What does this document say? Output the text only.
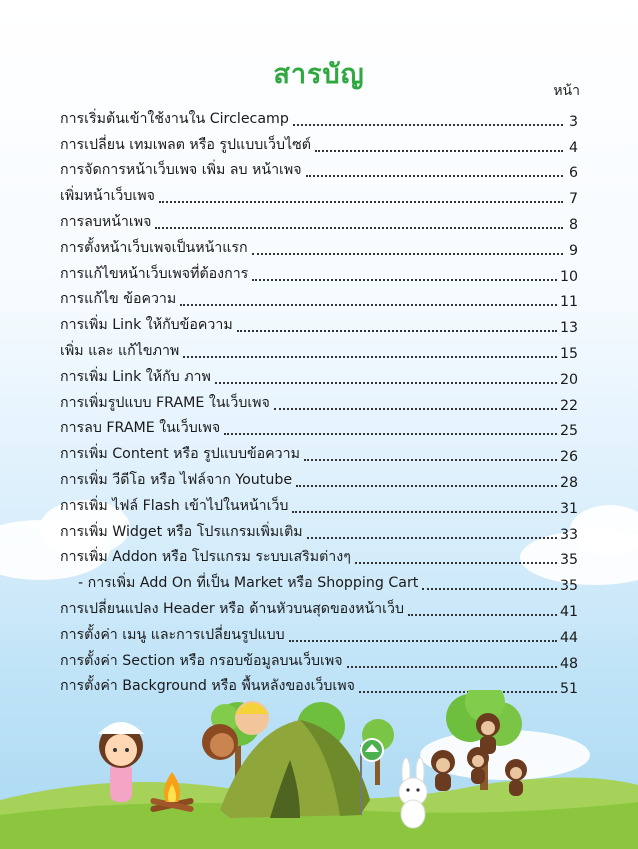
สารบัญ
หน้า
การเริ่มต้นเข้าใช้งานใน Circlecamp	3
การเปลี่ยน เทมเพลต หรือ รูปแบบเว็บไซต์	4
การจัดการหน้าเว็บเพจ เพิ่ม ลบ หน้าเพจ	6
เพิ่มหน้าเว็บเพจ	7
การลบหน้าเพจ	8
การตั้งหน้าเว็บเพจเป็นหน้าแรก	9
การแก้ไขหน้าเว็บเพจที่ต้องการ	10
การแก้ไข ข้อความ	11
การเพิ่ม Link ให้กับข้อความ	13
เพิ่ม และ แก้ไขภาพ	15
การเพิ่ม Link ให้กับ ภาพ	20
การเพิ่มรูปแบบ FRAME ในเว็บเพจ	22
การลบ FRAME ในเว็บเพจ	25
การเพิ่ม Content หรือ รูปแบบข้อความ	26
การเพิ่ม วีดีโอ หรือ ไฟล์จาก Youtube	28
การเพิ่ม ไฟล์ Flash เข้าไปในหน้าเว็บ	31
การเพิ่ม Widget หรือ โปรแกรมเพิ่มเติม	33
การเพิ่ม Addon หรือ โปรแกรม ระบบเสริมต่างๆ	35
- การเพิ่ม Add On ที่เป็น Market หรือ Shopping Cart	35
การเปลี่ยนแปลง Header หรือ ด้านหัวบนสุดของหน้าเว็บ	41
การตั้งค่า เมนู และการเปลี่ยนรูปแบบ	44
การตั้งค่า Section หรือ กรอบข้อมูลบนเว็บเพจ	48
การตั้งค่า Background หรือ พื้นหลังของเว็บเพจ	51
